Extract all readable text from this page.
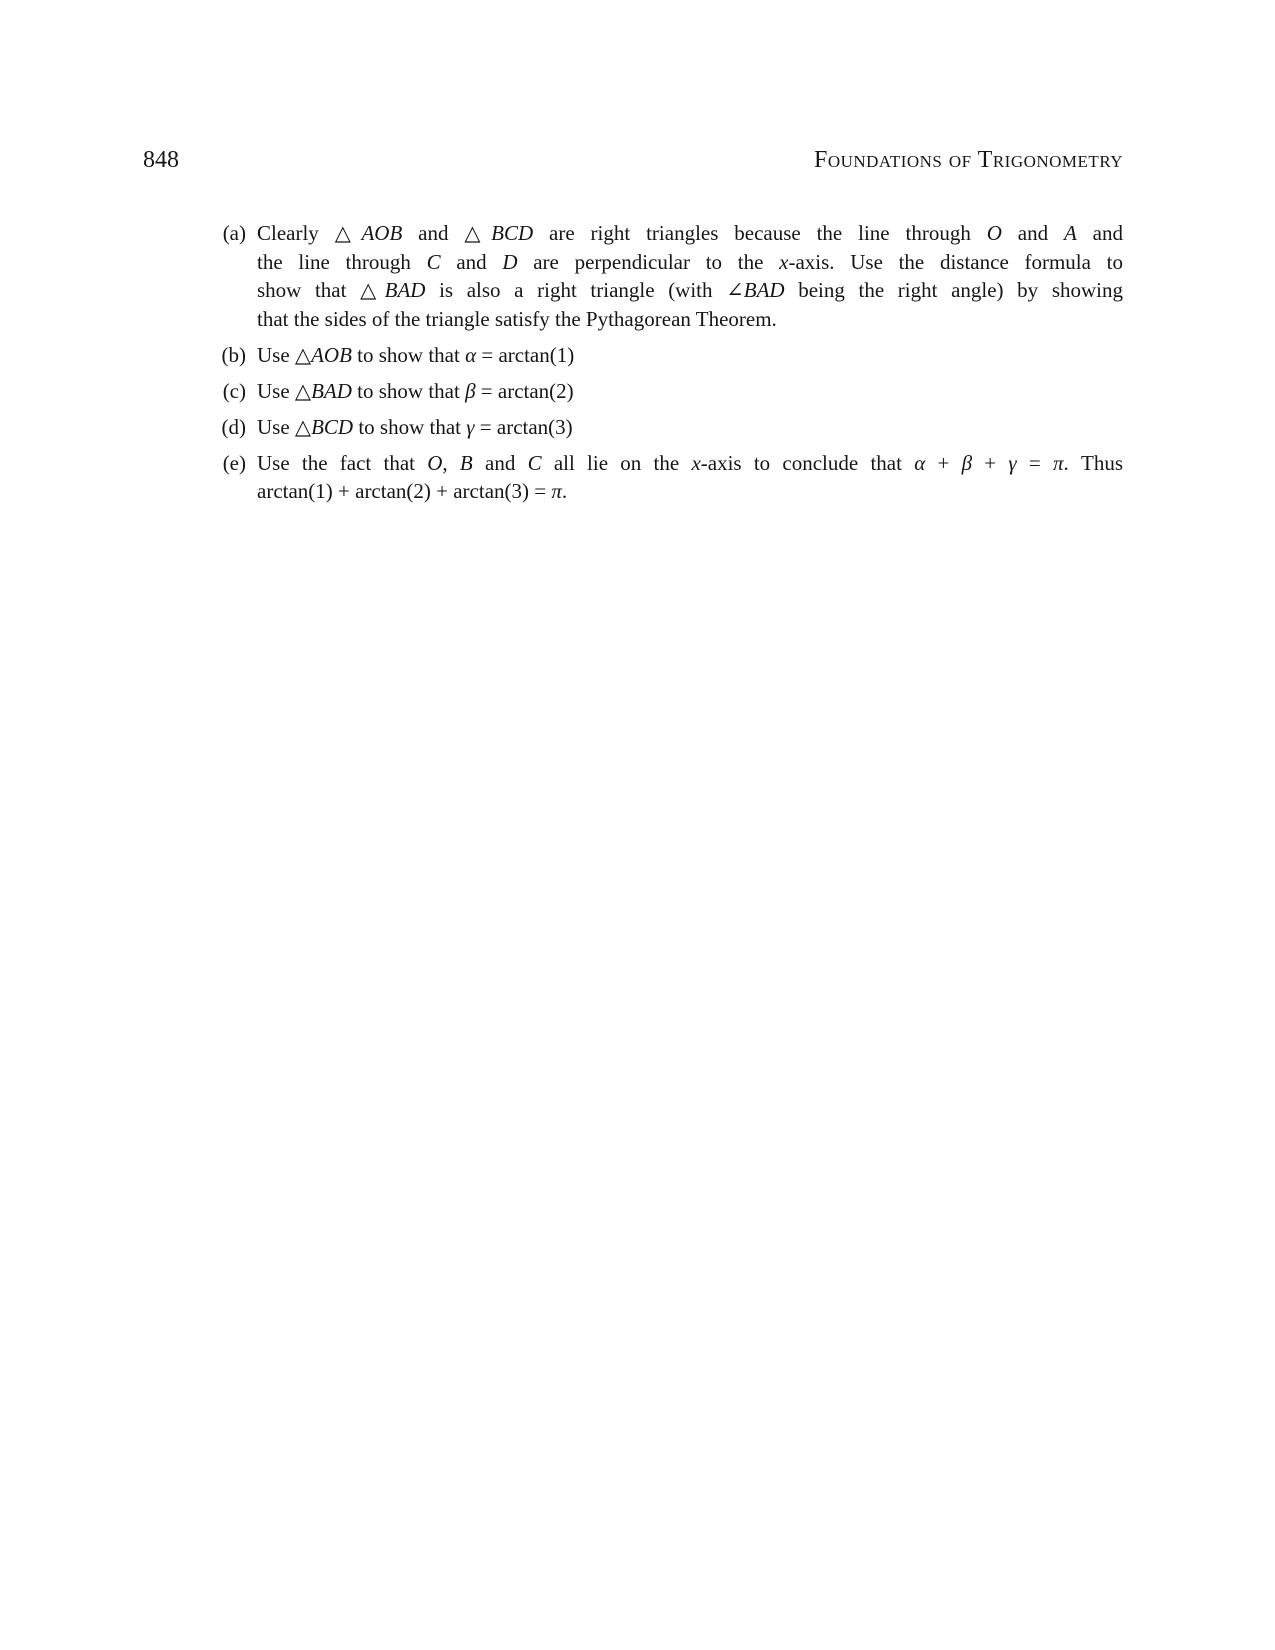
848	Foundations of Trigonometry
(a) Clearly △AOB and △BCD are right triangles because the line through O and A and
the line through C and D are perpendicular to the x-axis. Use the distance formula to
show that △BAD is also a right triangle (with ∠BAD being the right angle) by showing
that the sides of the triangle satisfy the Pythagorean Theorem.
(b) Use △AOB to show that α = arctan(1)
(c) Use △BAD to show that β = arctan(2)
(d) Use △BCD to show that γ = arctan(3)
(e) Use the fact that O, B and C all lie on the x-axis to conclude that α + β + γ = π. Thus
arctan(1) + arctan(2) + arctan(3) = π.
